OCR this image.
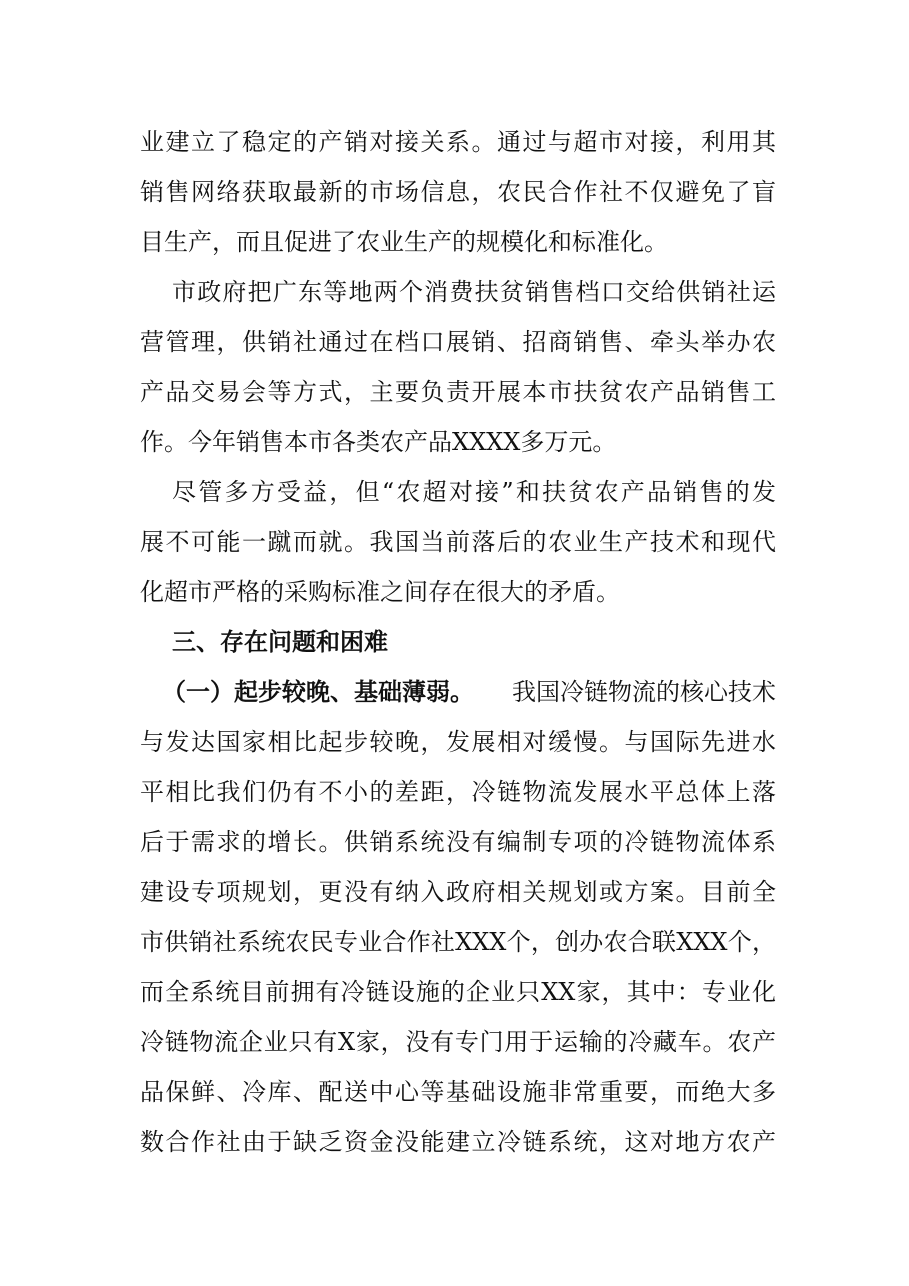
业建立了稳定的产销对接关系。通过与超市对接，利用其
销售网络获取最新的市场信息，农民合作社不仅避免了盲
目生产，而且促进了农业生产的规模化和标准化。
市政府把广东等地两个消费扶贫销售档口交给供销社运
营管理，供销社通过在档口展销、招商销售、牵头举办农
产品交易会等方式，主要负责开展本市扶贫农产品销售工
作。今年销售本市各类农产品XXXX多万元。
尽管多方受益，但“农超对接”和扶贫农产品销售的发
展不可能一蹴而就。我国当前落后的农业生产技术和现代
化超市严格的采购标准之间存在很大的矛盾。
三、存在问题和困难
（一）起步较晚、基础薄弱。 我国冷链物流的核心技术
与发达国家相比起步较晚，发展相对缓慢。与国际先进水
平相比我们仍有不小的差距，冷链物流发展水平总体上落
后于需求的增长。供销系统没有编制专项的冷链物流体系
建设专项规划，更没有纳入政府相关规划或方案。目前全
市供销社系统农民专业合作社XXX个，创办农合联XXX个，
而全系统目前拥有冷链设施的企业只XX家，其中：专业化
冷链物流企业只有X家，没有专门用于运输的冷藏车。农产
品保鲜、冷库、配送中心等基础设施非常重要，而绝大多
数合作社由于缺乏资金没能建立冷链系统，这对地方农产
